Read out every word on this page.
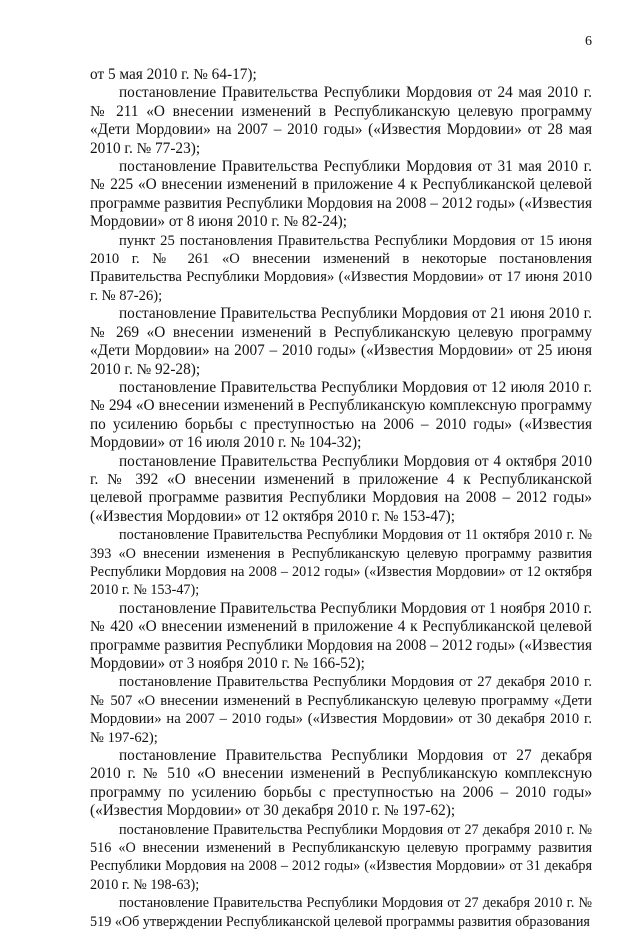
6

от 5 мая 2010 г. № 64-17);

постановление Правительства Республики Мордовия от 24 мая 2010 г. № 211 «О внесении изменений в Республиканскую целевую программу «Дети Мордовии» на 2007 – 2010 годы» («Известия Мордовии» от 28 мая 2010 г. № 77-23);

постановление Правительства Республики Мордовия от 31 мая 2010 г. № 225 «О внесении изменений в приложение 4 к Республиканской целевой программе развития Республики Мордовия на 2008 – 2012 годы» («Известия Мордовии» от 8 июня 2010 г. № 82-24);

пункт 25 постановления Правительства Республики Мордовия от 15 июня 2010 г. № 261 «О внесении изменений в некоторые постановления Правительства Республики Мордовия» («Известия Мордовии» от 17 июня 2010 г. № 87-26);

постановление Правительства Республики Мордовия от 21 июня 2010 г. № 269 «О внесении изменений в Республиканскую целевую программу «Дети Мордовии» на 2007 – 2010 годы» («Известия Мордовии» от 25 июня 2010 г. № 92-28);

постановление Правительства Республики Мордовия от 12 июля 2010 г. № 294 «О внесении изменений в Республиканскую комплексную программу по усилению борьбы с преступностью на 2006 – 2010 годы» («Известия Мордовии» от 16 июля 2010 г. № 104-32);

постановление Правительства Республики Мордовия от 4 октября 2010 г. № 392 «О внесении изменений в приложение 4 к Республиканской целевой программе развития Республики Мордовия на 2008 – 2012 годы» («Известия Мордовии» от 12 октября 2010 г. № 153-47);

постановление Правительства Республики Мордовия от 11 октября 2010 г. № 393 «О внесении изменения в Республиканскую целевую программу развития Республики Мордовия на 2008 – 2012 годы» («Известия Мордовии» от 12 октября 2010 г. № 153-47);

постановление Правительства Республики Мордовия от 1 ноября 2010 г. № 420 «О внесении изменений в приложение 4 к Республиканской целевой программе развития Республики Мордовия на 2008 – 2012 годы» («Известия Мордовии» от 3 ноября 2010 г. № 166-52);

постановление Правительства Республики Мордовия от 27 декабря 2010 г. № 507 «О внесении изменений в Республиканскую целевую программу «Дети Мордовии» на 2007 – 2010 годы» («Известия Мордовии» от 30 декабря 2010 г. № 197-62);

постановление Правительства Республики Мордовия от 27 декабря 2010 г. № 510 «О внесении изменений в Республиканскую комплексную программу по усилению борьбы с преступностью на 2006 – 2010 годы» («Известия Мордовии» от 30 декабря 2010 г. № 197-62);

постановление Правительства Республики Мордовия от 27 декабря 2010 г. № 516 «О внесении изменений в Республиканскую целевую программу развития Республики Мордовия на 2008 – 2012 годы» («Известия Мордовии» от 31 декабря 2010 г. № 198-63);

постановление Правительства Республики Мордовия от 27 декабря 2010 г. № 519 «Об утверждении Республиканской целевой программы развития образования
